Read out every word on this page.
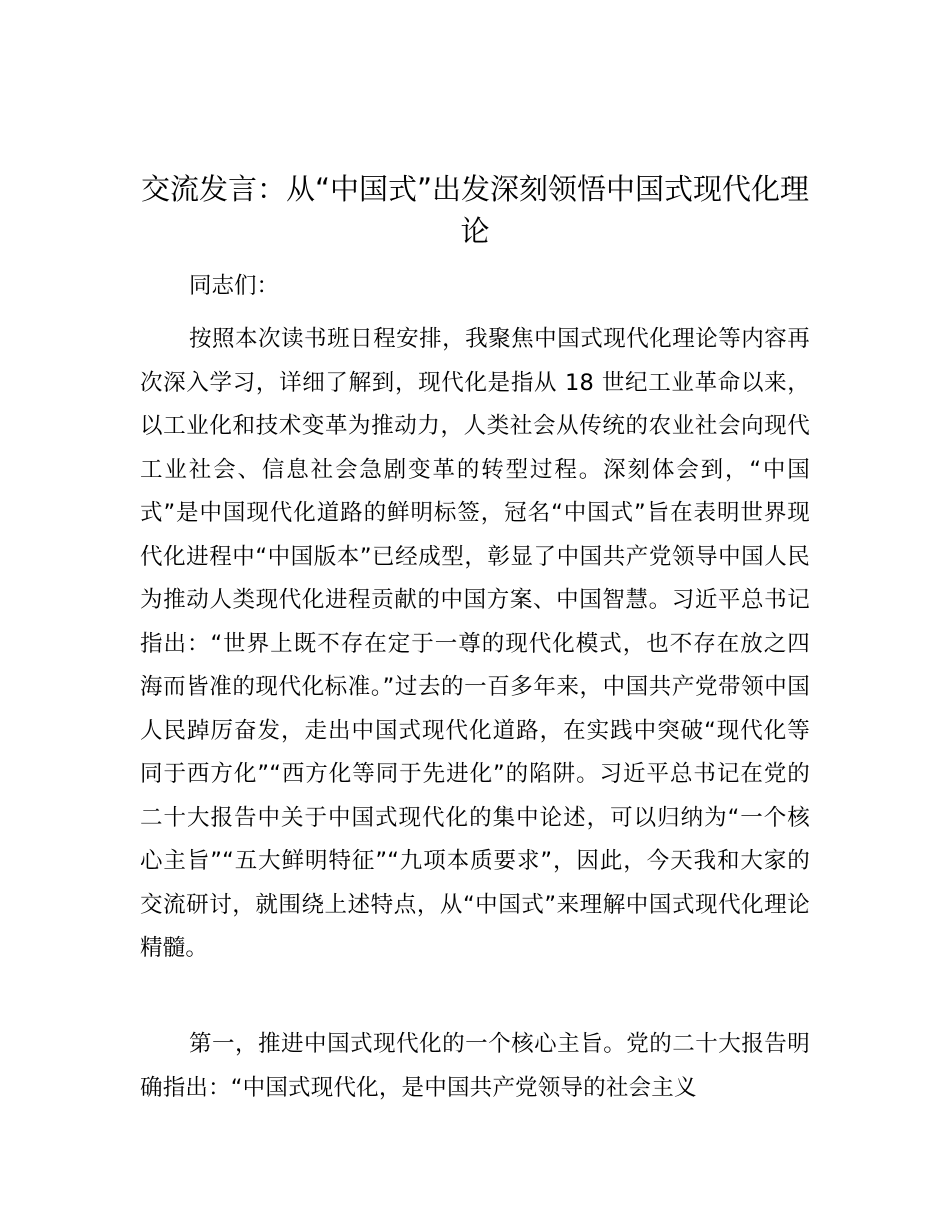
交流发言：从“中国式”出发深刻领悟中国式现代化理论

同志们：

按照本次读书班日程安排，我聚焦中国式现代化理论等内容再次深入学习，详细了解到，现代化是指从 18 世纪工业革命以来，以工业化和技术变革为推动力，人类社会从传统的农业社会向现代工业社会、信息社会急剧变革的转型过程。深刻体会到，“中国式”是中国现代化道路的鲜明标签，冠名“中国式”旨在表明世界现代化进程中“中国版本”已经成型，彰显了中国共产党领导中国人民为推动人类现代化进程贡献的中国方案、中国智慧。习近平总书记指出：“世界上既不存在定于一尊的现代化模式，也不存在放之四海而皆准的现代化标准。”过去的一百多年来，中国共产党带领中国人民踔厉奋发，走出中国式现代化道路，在实践中突破“现代化等同于西方化”“西方化等同于先进化”的陷阱。习近平总书记在党的二十大报告中关于中国式现代化的集中论述，可以归纳为“一个核心主旨”“五大鲜明特征”“九项本质要求”，因此，今天我和大家的交流研讨，就围绕上述特点，从“中国式”来理解中国式现代化理论精髓。

第一，推进中国式现代化的一个核心主旨。党的二十大报告明确指出：“中国式现代化，是中国共产党领导的社会主义
